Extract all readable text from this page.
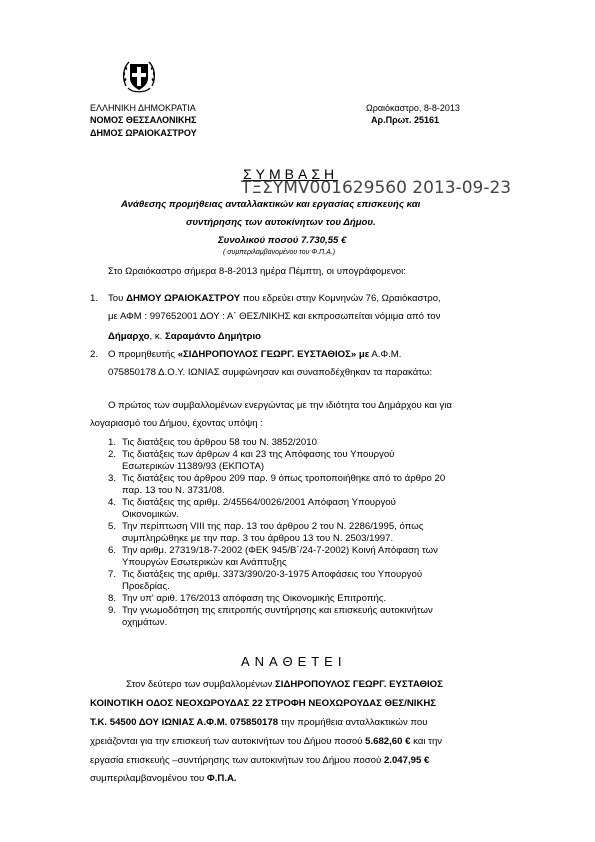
ΕΛΛΗΝΙΚΗ ΔΗΜΟΚΡΑΤΙΑ
ΝΟΜΟΣ ΘΕΣΣΑΛΟΝΙΚΗΣ
ΔΗΜΟΣ ΩΡΑΙΟΚΑΣΤΡΟΥ
Ωραιόκαστρο, 8-8-2013
Αρ.Πρωτ. 25161
ΣΥΜΒΑΣΗ
ΤΞΣΥΜV001629560 2013-09-23
Ανάθεσης προμήθειας ανταλλακτικών και εργασίας επισκευής και
συντήρησης των αυτοκίνητων του Δήμου.
Συνολικού ποσού 7.730,55 €
( συμπεριλαμβανομένου του Φ.Π.Α.)
Στο Ωραιόκαστρο σήμερα 8-8-2013 ημέρα Πέμπτη, οι υπογράφομενοι:
1. Του ΔΗΜΟΥ ΩΡΑΙΟΚΑΣΤΡΟΥ που εδρεύει στην Κομνηνών 76, Ωραιόκαστρο,
με ΑΦΜ : 997652001 ΔΟΥ : Α΄ ΘΕΣ/ΝΙΚΗΣ και εκπροσωπείται νόμιμα από τον
Δήμαρχο, κ. Σαραμάντο Δημήτριο
2. Ο προμηθευτής «ΣΙΔΗΡΟΠΟΥΛΟΣ ΓΕΩΡΓ. ΕΥΣΤΑΘΙΟΣ» με Α.Φ.Μ.
075850178 Δ.Ο.Υ. ΙΩΝΙΑΣ συμφώνησαν και συναποδέχθηκαν τα παρακάτω:
Ο πρώτος των συμβαλλομένων ενεργώντας με την ιδιότητα του Δημάρχου και για
λογαριασμό του Δήμου, έχοντας υπόψη :
1. Τις διατάξεις του άρθρου 58 του Ν. 3852/2010
2. Τις διατάξεις των άρθρων 4 και 23 της Απόφασης του Υπουργού
Εσωτερικών 11389/93 (ΕΚΠΟΤΑ)
3. Τις διατάξεις του άρθρου 209 παρ. 9 όπως τροποποιήθηκε από το άρθρο 20
παρ. 13 του Ν. 3731/08.
4. Τις διατάξεις της αριθμ. 2/45564/0026/2001 Απόφαση Υπουργού
Οικονομικών.
5. Την περίπτωση VIII της παρ. 13 του άρθρου 2 του Ν. 2286/1995, όπως
συμπληρώθηκε με την παρ. 3 του άρθρου 13 του Ν. 2503/1997.
6. Την αριθμ. 27319/18-7-2002 (ΦΕΚ 945/Β΄/24-7-2002) Κοινή Απόφαση των
Υπουργών Εσωτερικών και Ανάπτυξης
7. Τις διατάξεις της αριθμ. 3373/390/20-3-1975 Αποφάσεις του Υπουργού
Προεδρίας.
8. Την υπ' αριθ. 176/2013 απόφαση της Οικονομικής Επιτροπής.
9. Την γνωμοδότηση της επιτροπής συντήρησης και επισκευής αυτοκινήτων
οχημάτων.
ΑΝΑΘΕΤΕΙ
Στον δεύτερο των συμβαλλομένων ΣΙΔΗΡΟΠΟΥΛΟΣ ΓΕΩΡΓ. ΕΥΣΤΑΘΙΟΣ
ΚΟΙΝΟΤΙΚΗ ΟΔΟΣ ΝΕΟΧΩΡΟΥΔΑΣ 22 ΣΤΡΟΦΗ ΝΕΟΧΩΡΟΥΔΑΣ ΘΕΣ/ΝΙΚΗΣ
Τ.Κ. 54500 ΔΟΥ ΙΩΝΙΑΣ Α.Φ.Μ. 075850178 την προμήθεια ανταλλακτικών που
χρειάζονται για την επισκευή των αυτοκινήτων του Δήμου ποσού 5.682,60 € και την
εργασία επισκευής –συντήρησης των αυτοκινήτων του Δήμου ποσού 2.047,95 €
συμπεριλαμβανομένου του Φ.Π.Α.
